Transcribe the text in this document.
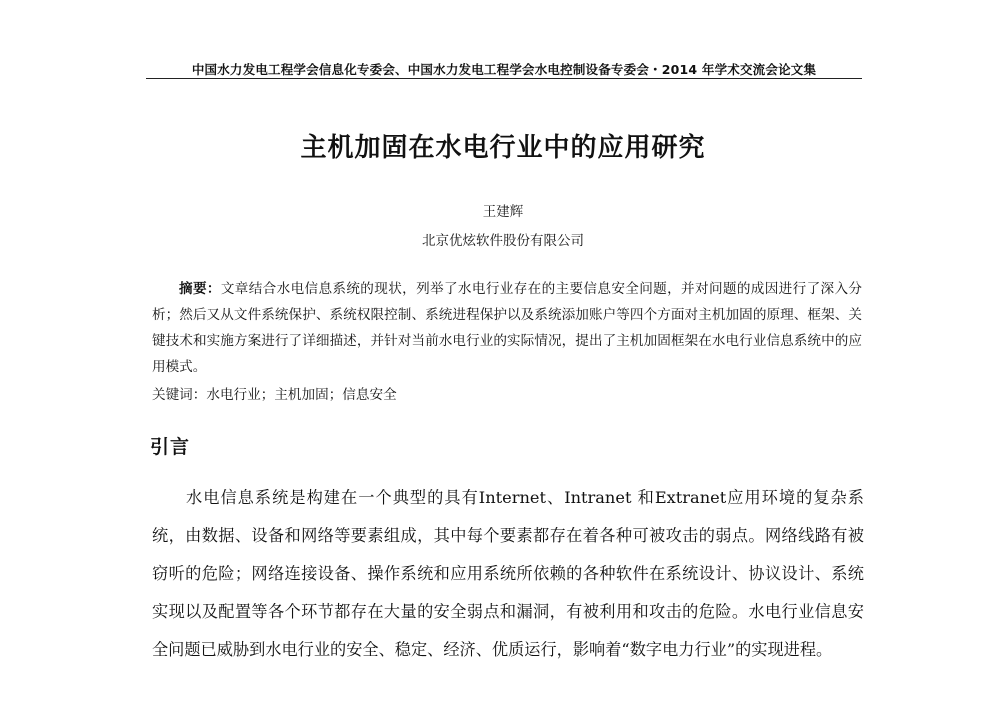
中国水力发电工程学会信息化专委会、中国水力发电工程学会水电控制设备专委会・2014 年学术交流会论文集
主机加固在水电行业中的应用研究
王建辉
北京优炫软件股份有限公司

摘要：文章结合水电信息系统的现状，列举了水电行业存在的主要信息安全问题，并对问题的成因进行了深入分析；然后又从文件系统保护、系统权限控制、系统进程保护以及系统添加账户等四个方面对主机加固的原理、框架、关键技术和实施方案进行了详细描述，并针对当前水电行业的实际情况，提出了主机加固框架在水电行业信息系统中的应用模式。

关键词：水电行业；主机加固；信息安全
引言

水电信息系统是构建在一个典型的具有Internet、Intranet 和Extranet应用环境的复杂系统，由数据、设备和网络等要素组成，其中每个要素都存在着各种可被攻击的弱点。网络线路有被窃听的危险；网络连接设备、操作系统和应用系统所依赖的各种软件在系统设计、协议设计、系统实现以及配置等各个环节都存在大量的安全弱点和漏洞，有被利用和攻击的危险。水电行业信息安全问题已威胁到水电行业的安全、稳定、经济、优质运行，影响着“数字电力行业”的实现进程。
